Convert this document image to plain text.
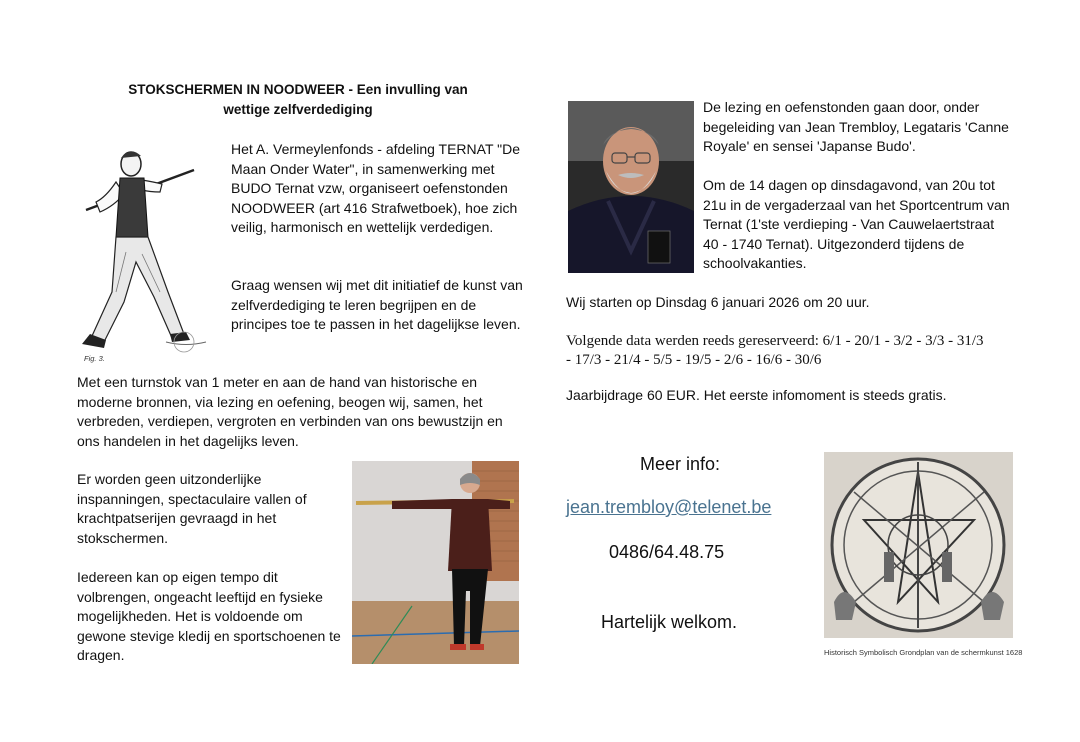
STOKSCHERMEN IN NOODWEER - Een invulling van
wettige zelfverdediging
Fig. 3.

Het A. Vermeylenfonds - afdeling TERNAT "De Maan Onder Water", in samenwerking met BUDO Ternat vzw, organiseert oefenstonden NOODWEER (art 416 Strafwetboek), hoe zich veilig, harmonisch en wettelijk verdedigen.

Graag wensen wij met dit initiatief de kunst van zelfverdediging te leren begrijpen en de principes toe te passen in het dagelijkse leven.

Met een turnstok van 1 meter en aan de hand van historische en moderne bronnen, via lezing en oefening, beogen wij, samen, het verbreden, verdiepen, vergroten en verbinden van ons bewustzijn en ons handelen in het dagelijks leven.

Er worden geen uitzonderlijke inspanningen, spectaculaire vallen of krachtpatserijen gevraagd in het stokschermen.

Iedereen kan op eigen tempo dit volbrengen, ongeacht leeftijd en fysieke mogelijkheden. Het is voldoende om gewone stevige kledij en sportschoenen te dragen.

De lezing en oefenstonden gaan door, onder begeleiding van Jean Trembloy, Legataris 'Canne Royale' en sensei 'Japanse Budo'.

Om de 14 dagen op dinsdagavond, van 20u tot 21u in de vergaderzaal van het Sportcentrum van Ternat (1'ste verdieping - Van Cauwelaertstraat 40 - 1740 Ternat). Uitgezonderd tijdens de schoolvakanties.

Wij starten op Dinsdag 6 januari 2026 om 20 uur.

Volgende data werden reeds gereserveerd: 6/1 - 20/1 - 3/2 - 3/3 - 31/3 - 17/3 - 21/4 - 5/5 - 19/5 - 2/6 - 16/6 - 30/6

Jaarbijdrage 60 EUR. Het eerste infomoment is steeds gratis.

Meer info:
jean.trembloy@telenet.be
0486/64.48.75
Hartelijk welkom.
Historisch Symbolisch Grondplan van de schermkunst 1628
